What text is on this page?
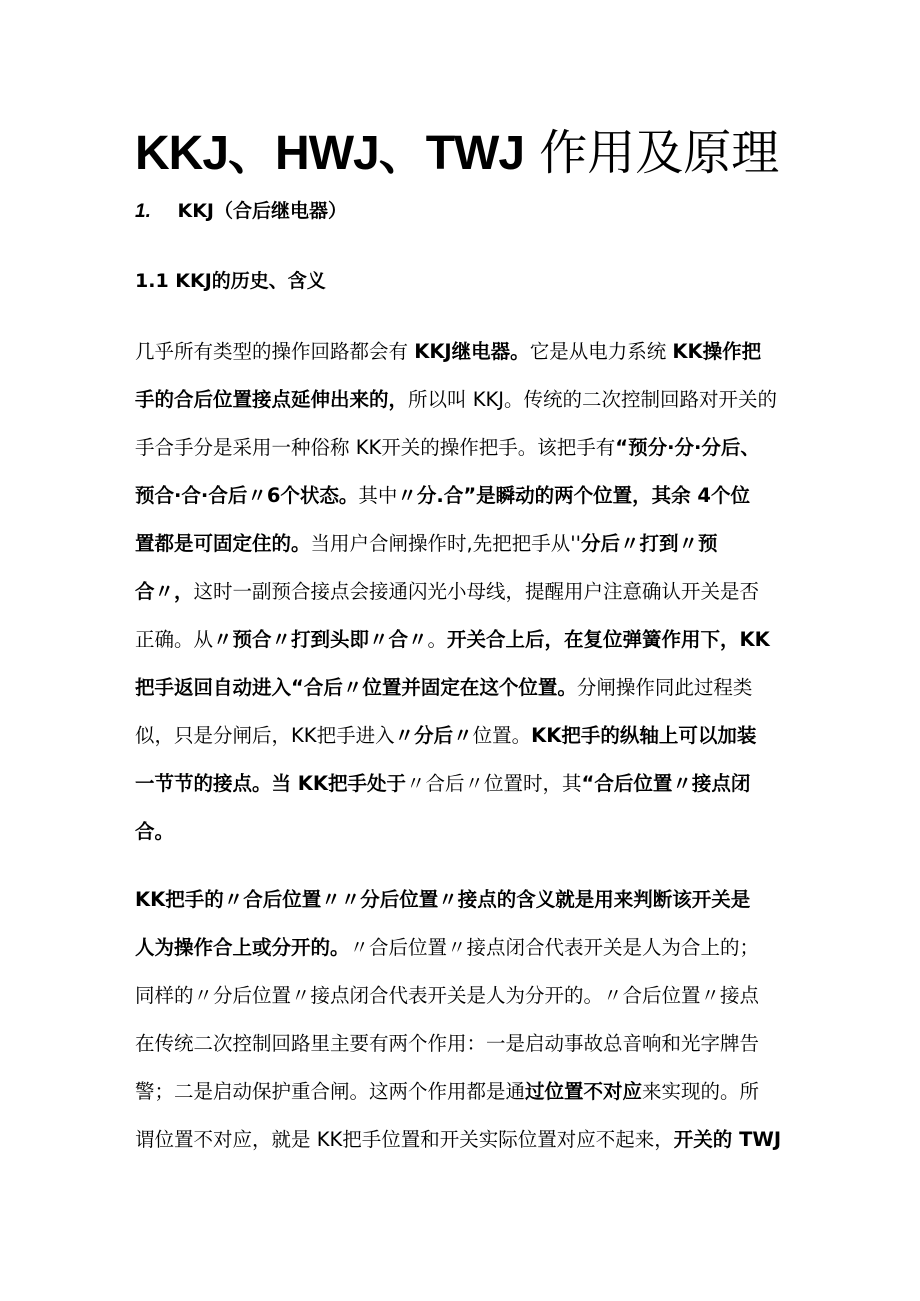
KKJ、HWJ、TWJ 作用及原理
1. KKJ（合后继电器）
1.1 KKJ的历史、含义
几乎所有类型的操作回路都会有 KKJ继电器。它是从电力系统 KK操作把
手的合后位置接点延伸出来的，所以叫 KKJ。传统的二次控制回路对开关的
手合手分是采用一种俗称 KK开关的操作把手。该把手有“预分·分·分后、
预合·合·合后〃6个状态。其中〃分.合”是瞬动的两个位置，其余 4个位
置都是可固定住的。当用户合闸操作时,先把把手从''分后〃打到〃预
合〃，这时一副预合接点会接通闪光小母线，提醒用户注意确认开关是否
正确。从〃预合〃打到头即〃合〃。开关合上后，在复位弹簧作用下，KK
把手返回自动进入“合后〃位置并固定在这个位置。分闸操作同此过程类
似，只是分闸后，KK把手进入〃分后〃位置。KK把手的纵轴上可以加装
一节节的接点。当 KK把手处于〃合后〃位置时，其“合后位置〃接点闭
合。
KK把手的〃合后位置〃〃分后位置〃接点的含义就是用来判断该开关是
人为操作合上或分开的。〃合后位置〃接点闭合代表开关是人为合上的；
同样的〃分后位置〃接点闭合代表开关是人为分开的。〃合后位置〃接点
在传统二次控制回路里主要有两个作用：一是启动事故总音响和光字牌告
警；二是启动保护重合闸。这两个作用都是通过位置不对应来实现的。所
谓位置不对应，就是 KK把手位置和开关实际位置对应不起来，开关的 TWJ
